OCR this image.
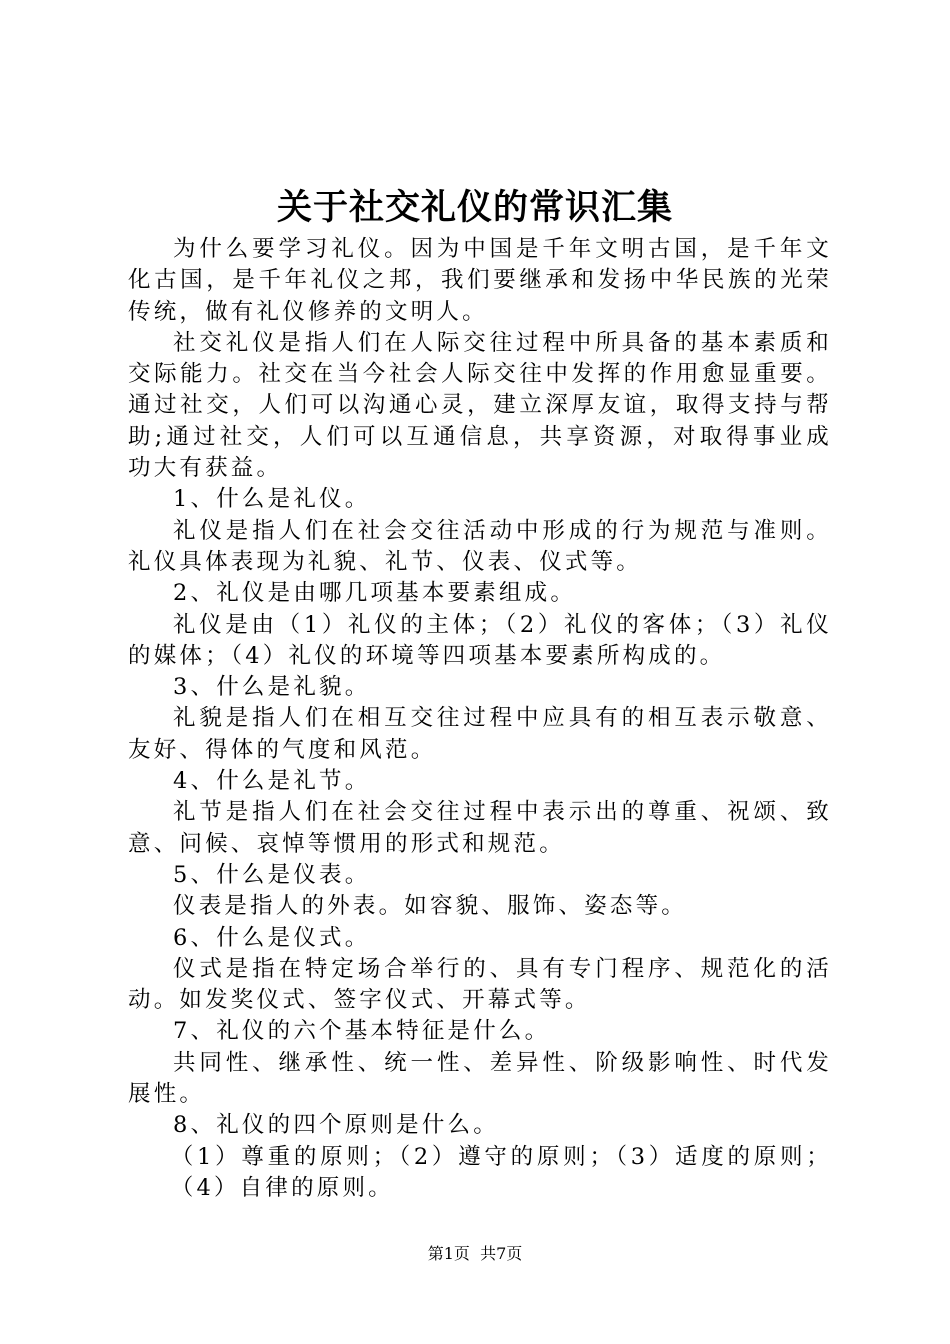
关于社交礼仪的常识汇集

为什么要学习礼仪。因为中国是千年文明古国，是千年文化古国，是千年礼仪之邦，我们要继承和发扬中华民族的光荣传统，做有礼仪修养的文明人。

社交礼仪是指人们在人际交往过程中所具备的基本素质和交际能力。社交在当今社会人际交往中发挥的作用愈显重要。通过社交，人们可以沟通心灵，建立深厚友谊，取得支持与帮助;通过社交，人们可以互通信息，共享资源，对取得事业成功大有获益。

1、什么是礼仪。

礼仪是指人们在社会交往活动中形成的行为规范与准则。礼仪具体表现为礼貌、礼节、仪表、仪式等。

2、礼仪是由哪几项基本要素组成。

礼仪是由（1）礼仪的主体；（2）礼仪的客体；（3）礼仪的媒体；（4）礼仪的环境等四项基本要素所构成的。

3、什么是礼貌。

礼貌是指人们在相互交往过程中应具有的相互表示敬意、友好、得体的气度和风范。

4、什么是礼节。

礼节是指人们在社会交往过程中表示出的尊重、祝颂、致意、问候、哀悼等惯用的形式和规范。

5、什么是仪表。

仪表是指人的外表。如容貌、服饰、姿态等。

6、什么是仪式。

仪式是指在特定场合举行的、具有专门程序、规范化的活动。如发奖仪式、签字仪式、开幕式等。

7、礼仪的六个基本特征是什么。

共同性、继承性、统一性、差异性、阶级影响性、时代发展性。

8、礼仪的四个原则是什么。

（1）尊重的原则；（2）遵守的原则；（3）适度的原则；（4）自律的原则。

第1页  共7页
